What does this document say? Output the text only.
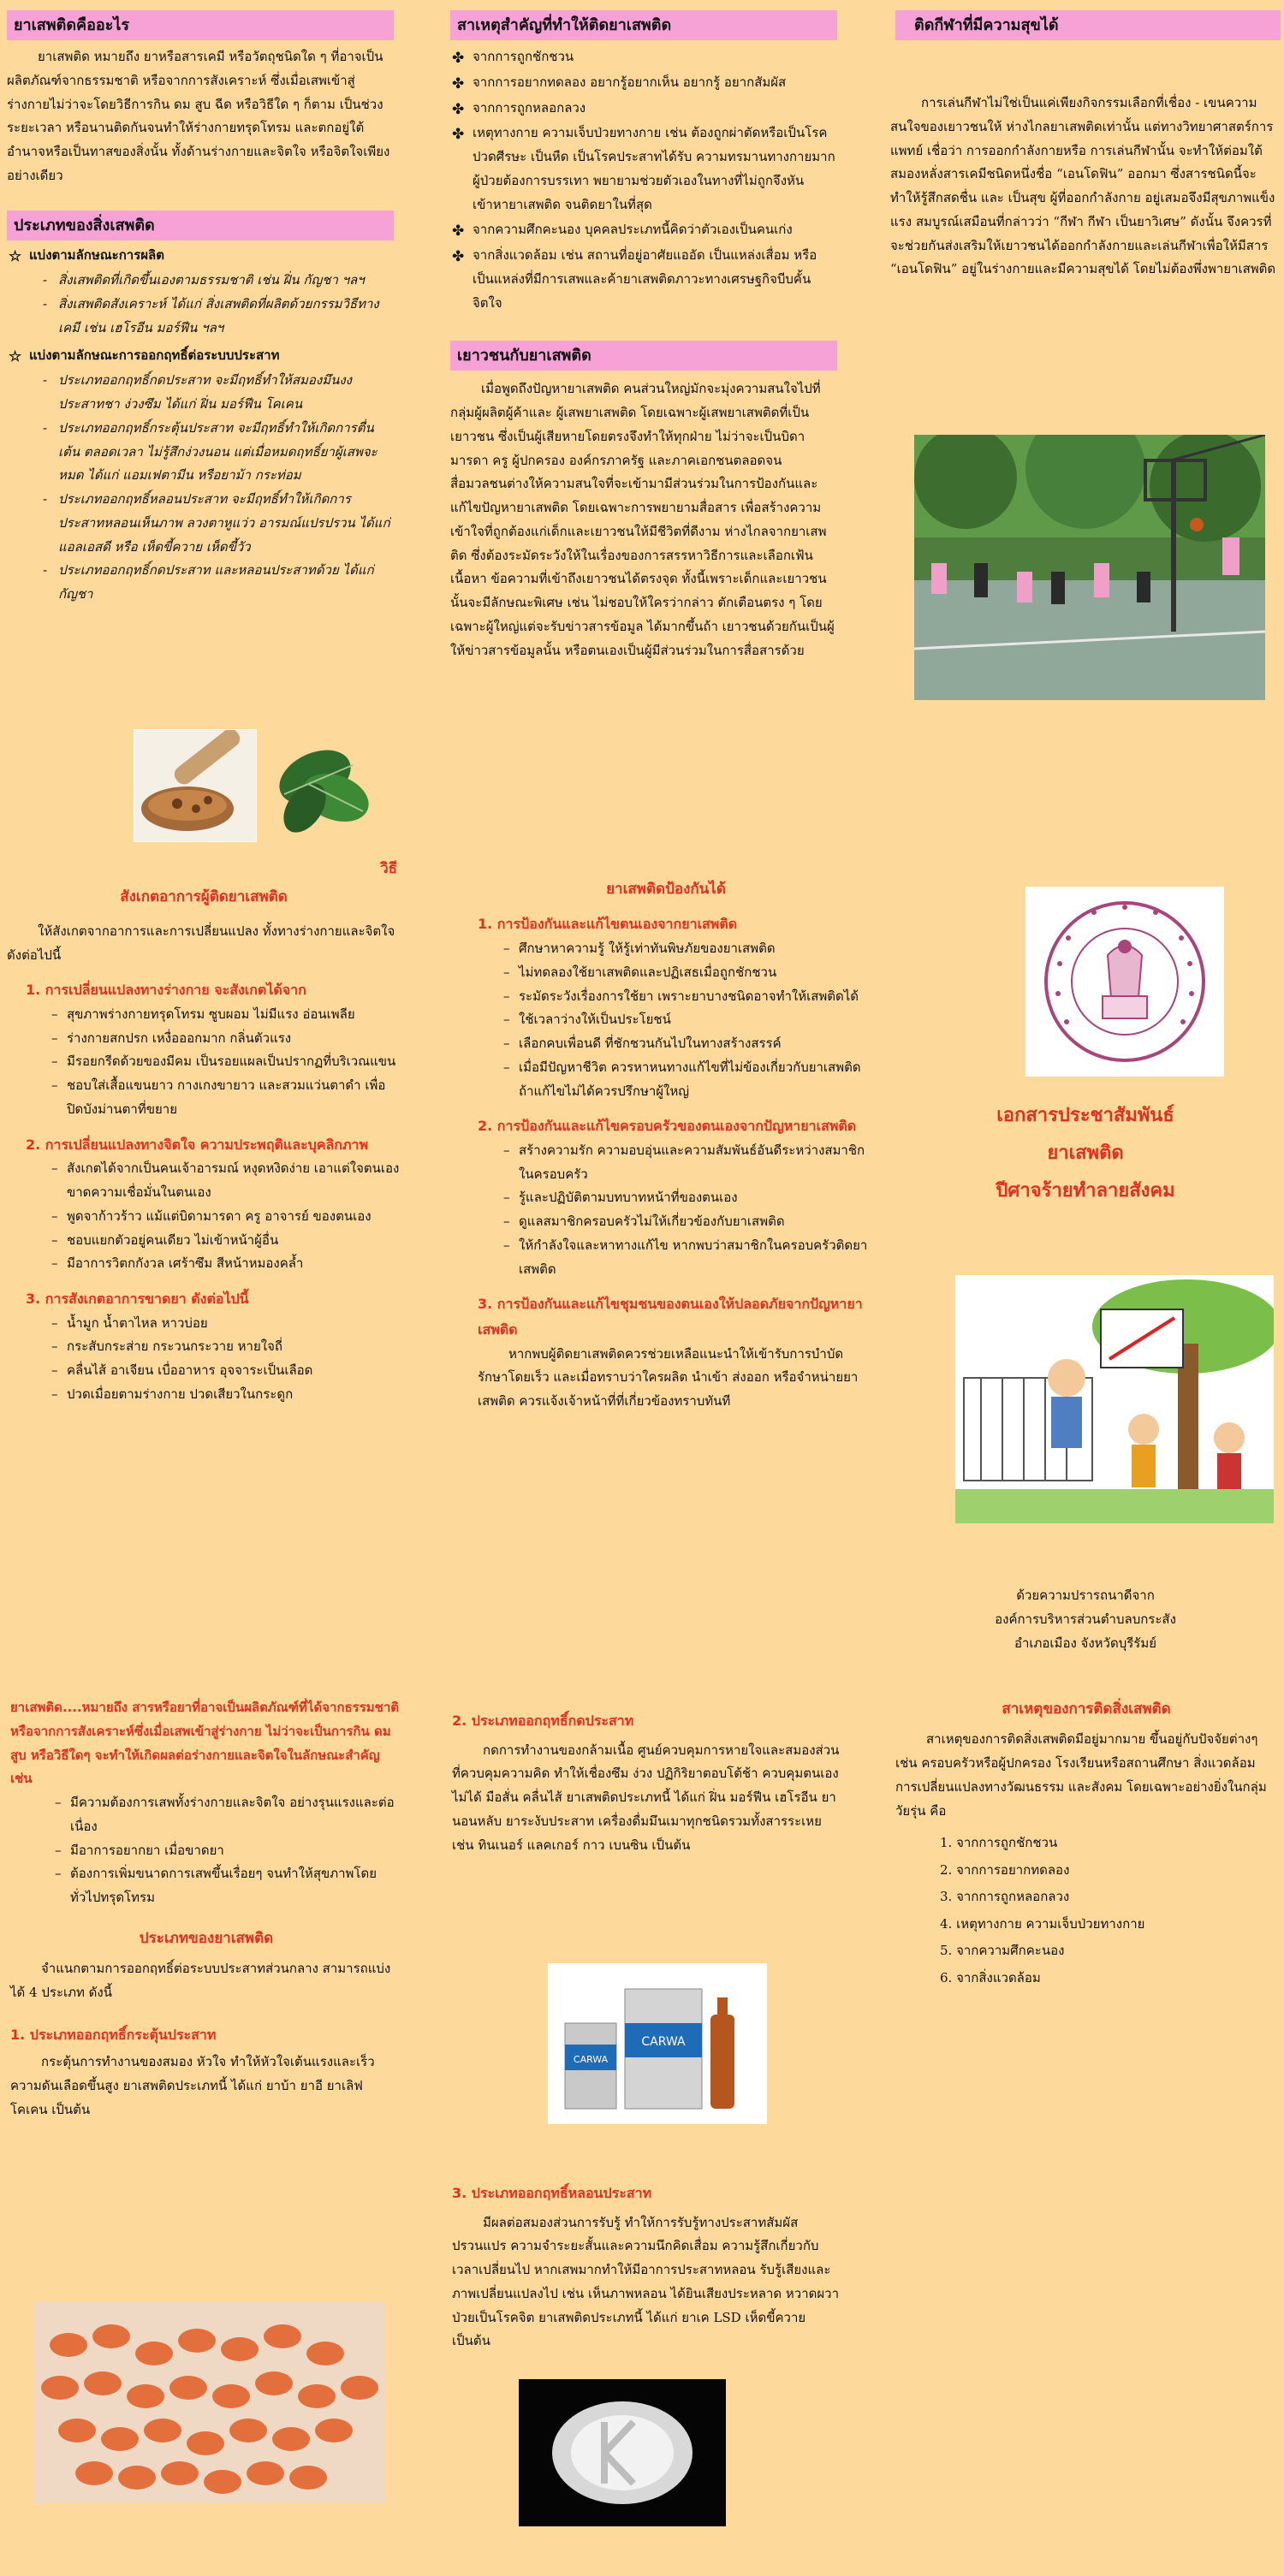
ยาเสพติดคืออะไร

ยาเสพติด หมายถึง ยาหรือสารเคมี หรือวัตถุชนิดใด ๆ ที่อาจเป็นผลิตภัณฑ์จากธรรมชาติ หรือจากการสังเคราะห์ ซึ่งเมื่อเสพเข้าสู่ร่างกายไม่ว่าจะโดยวิธีการกิน ดม สูบ ฉีด หรือวิธีใด ๆ ก็ตาม เป็นช่วงระยะเวลา หรือนานติดกันจนทำให้ร่างกายทรุดโทรม และตกอยู่ใต้อำนาจหรือเป็นทาสของสิ่งนั้น ทั้งด้านร่างกายและจิตใจ หรือจิตใจเพียงอย่างเดียว

ประเภทของสิ่งเสพติด
☆ แบ่งตามลักษณะการผลิต
- สิ่งเสพติดที่เกิดขึ้นเองตามธรรมชาติ เช่น ฝิ่น กัญชา ฯลฯ
- สิ่งเสพติดสังเคราะห์ ได้แก่ สิ่งเสพติดที่ผลิตด้วยกรรมวิธีทางเคมี เช่น เฮโรอีน มอร์ฟีน ฯลฯ
☆ แบ่งตามลักษณะการออกฤทธิ์ต่อระบบประสาท
- ประเภทออกฤทธิ์กดประสาท จะมีฤทธิ์ทำให้สมองมึนงง ประสาทชา ง่วงซึม ได้แก่ ฝิ่น มอร์ฟีน โคเคน
- ประเภทออกฤทธิ์กระตุ้นประสาท จะมีฤทธิ์ทำให้เกิดการตื่นเต้น ตลอดเวลา ไม่รู้สึกง่วงนอน แต่เมื่อหมดฤทธิ์ยาผู้เสพจะหมด ได้แก่ แอมเฟตามีน หรือยาม้า กระท่อม
- ประเภทออกฤทธิ์หลอนประสาท จะมีฤทธิ์ทำให้เกิดการประสาทหลอนเห็นภาพ ลวงตาหูแว่ว อารมณ์แปรปรวน ได้แก่ แอลเอสดี หรือ เห็ดขี้ควาย เห็ดขี้วัว
- ประเภทออกฤทธิ์กดประสาท และหลอนประสาทด้วย ได้แก่ กัญชา
สาเหตุสำคัญที่ทำให้ติดยาเสพติด
✤ จากการถูกชักชวน
✤ จากการอยากทดลอง อยากรู้อยากเห็น อยากรู้ อยากสัมผัส
✤ จากการถูกหลอกลวง
✤ เหตุทางกาย ความเจ็บป่วยทางกาย เช่น ต้องถูกผ่าตัดหรือเป็นโรคปวดศีรษะ เป็นหืด เป็นโรคประสาทได้รับ ความทรมานทางกายมากผู้ป่วยต้องการบรรเทา พยายามช่วยตัวเองในทางที่ไม่ถูกจึงหันเข้าหายาเสพติด จนติดยาในที่สุด
✤ จากความศึกคะนอง บุคคลประเภทนี้คิดว่าตัวเองเป็นคนเก่ง
✤ จากสิ่งแวดล้อม เช่น สถานที่อยู่อาศัยแออัด เป็นแหล่งเสื่อม หรือเป็นแหล่งที่มีการเสพและค้ายาเสพติดภาวะทางเศรษฐกิจบีบคั้นจิตใจ
เยาวชนกับยาเสพติด

เมื่อพูดถึงปัญหายาเสพติด คนส่วนใหญ่มักจะมุ่งความสนใจไปที่กลุ่มผู้ผลิตผู้ค้าและ ผู้เสพยาเสพติด โดยเฉพาะผู้เสพยาเสพติดที่เป็นเยาวชน ซึ่งเป็นผู้เสียหายโดยตรงจึงทำให้ทุกฝ่าย ไม่ว่าจะเป็นบิดามารดา ครู ผู้ปกครอง องค์กรภาครัฐ และภาคเอกชนตลอดจนสื่อมวลชนต่างให้ความสนใจที่จะเข้ามามีส่วนร่วมในการป้องกันและแก้ไขปัญหายาเสพติด โดยเฉพาะการพยายามสื่อสาร เพื่อสร้างความเข้าใจที่ถูกต้องแก่เด็กและเยาวชนให้มีชีวิตที่ดีงาม ห่างไกลจากยาเสพติด ซึ่งต้องระมัดระวังให้ในเรื่องของการสรรหาวิธีการและเลือกเฟ้นเนื้อหา ข้อความที่เข้าถึงเยาวชนได้ตรงจุด ทั้งนี้เพราะเด็กและเยาวชนนั้นจะมีลักษณะพิเศษ เช่น ไม่ชอบให้ใครว่ากล่าว ตักเตือนตรง ๆ โดยเฉพาะผู้ใหญ่แต่จะรับข่าวสารข้อมูล ได้มากขึ้นถ้า เยาวชนด้วยกันเป็นผู้ให้ข่าวสารข้อมูลนั้น หรือตนเองเป็นผู้มีส่วนร่วมในการสื่อสารด้วย

ติดกีฬาที่มีความสุขได้

การเล่นกีฬาไม่ใช่เป็นแค่เพียงกิจกรรมเลือกที่เชื่อง - เขนความสนใจของเยาวชนให้ ห่างไกลยาเสพติดเท่านั้น แต่ทางวิทยาศาสตร์การแพทย์ เชื่อว่า การออกกำลังกายหรือ การเล่นกีฬานั้น จะทำให้ต่อมใต้สมองหลั่งสารเคมีชนิดหนึ่งชื่อ “เอนโดฟิน” ออกมา ซึ่งสารชนิดนี้จะทำให้รู้สึกสดชื่น และ เป็นสุข ผู้ที่ออกกำลังกาย อยู่เสมอจึงมีสุขภาพแข็งแรง สมบูรณ์เสมือนที่กล่าวว่า “กีฬา กีฬา เป็นยาวิเศษ” ดังนั้น จึงควรที่จะช่วยกันส่งเสริมให้เยาวชนได้ออกกำลังกายและเล่นกีฬาเพื่อให้มีสาร “เอนโดฟิน” อยู่ในร่างกายและมีความสุขได้ โดยไม่ต้องพึ่งพายาเสพติด

วิธี
สังเกตอาการผู้ติดยาเสพติด

ให้สังเกตจากอาการและการเปลี่ยนแปลง ทั้งทางร่างกายและจิตใจ ดังต่อไปนี้

1. การเปลี่ยนแปลงทางร่างกาย จะสังเกตได้จาก
– สุขภาพร่างกายทรุดโทรม ซูบผอม ไม่มีแรง อ่อนเพลีย
– ร่างกายสกปรก เหงื่อออกมาก กลิ่นตัวแรง
– มีรอยกรีดด้วยของมีคม เป็นรอยแผลเป็นปรากฏที่บริเวณแขน
– ชอบใส่เสื้อแขนยาว กางเกงขายาว และสวมแว่นตาดำ เพื่อปิดบังม่านตาที่ขยาย
2. การเปลี่ยนแปลงทางจิตใจ ความประพฤติและบุคลิกภาพ
– สังเกตได้จากเป็นคนเจ้าอารมณ์ หงุดหงิดง่าย เอาแต่ใจตนเอง ขาดความเชื่อมั่นในตนเอง
– พูดจาก้าวร้าว แม้แต่บิดามารดา ครู อาจารย์ ของตนเอง
– ชอบแยกตัวอยู่คนเดียว ไม่เข้าหน้าผู้อื่น
– มีอาการวิตกกังวล เศร้าซึม สีหน้าหมองคล้ำ
3. การสังเกตอาการขาดยา ดังต่อไปนี้
– น้ำมูก น้ำตาไหล หาวบ่อย
– กระสับกระส่าย กระวนกระวาย หายใจถี่
– คลื่นไส้ อาเจียน เบื่ออาหาร อุจจาระเป็นเลือด
– ปวดเมื่อยตามร่างกาย ปวดเสียวในกระดูก
ยาเสพติดป้องกันได้
1. การป้องกันและแก้ไขตนเองจากยาเสพติด
– ศึกษาหาความรู้ ให้รู้เท่าทันพิษภัยของยาเสพติด
– ไม่ทดลองใช้ยาเสพติดและปฏิเสธเมื่อถูกชักชวน
– ระมัดระวังเรื่องการใช้ยา เพราะยาบางชนิดอาจทำให้เสพติดได้
– ใช้เวลาว่างให้เป็นประโยชน์
– เลือกคบเพื่อนดี ที่ชักชวนกันไปในทางสร้างสรรค์
– เมื่อมีปัญหาชีวิต ควรหาหนทางแก้ไขที่ไม่ข้องเกี่ยวกับยาเสพติด ถ้าแก้ไขไม่ได้ควรปรึกษาผู้ใหญ่
2. การป้องกันและแก้ไขครอบครัวของตนเองจากปัญหายาเสพติด
– สร้างความรัก ความอบอุ่นและความสัมพันธ์อันดีระหว่างสมาชิกในครอบครัว
– รู้และปฏิบัติตามบทบาทหน้าที่ของตนเอง
– ดูแลสมาชิกครอบครัวไม่ให้เกี่ยวข้องกับยาเสพติด
– ให้กำลังใจและหาทางแก้ไข หากพบว่าสมาชิกในครอบครัวติดยาเสพติด
3. การป้องกันและแก้ไขชุมชนของตนเองให้ปลอดภัยจากปัญหายาเสพติด

หากพบผู้ติดยาเสพติดควรช่วยเหลือแนะนำให้เข้ารับการบำบัดรักษาโดยเร็ว และเมื่อทราบว่าใครผลิต นำเข้า ส่งออก หรือจำหน่ายยาเสพติด ควรแจ้งเจ้าหน้าที่ที่เกี่ยวข้องทราบทันที

เอกสารประชาสัมพันธ์
ยาเสพติด
ปีศาจร้ายทำลายสังคม
ด้วยความปรารถนาดีจาก
องค์การบริหารส่วนตำบลบกระสัง
อำเภอเมือง จังหวัดบุรีรัมย์

ยาเสพติด....หมายถึง สารหรือยาที่อาจเป็นผลิตภัณฑ์ที่ได้จากธรรมชาติ หรือจากการสังเคราะห์ซึ่งเมื่อเสพเข้าสู่ร่างกาย ไม่ว่าจะเป็นการกิน ดม สูบ หรือวิธีใดๆ จะทำให้เกิดผลต่อร่างกายและจิตใจในลักษณะสำคัญ เช่น

– มีความต้องการเสพทั้งร่างกายและจิตใจ อย่างรุนแรงและต่อเนื่อง
– มีอาการอยากยา เมื่อขาดยา
– ต้องการเพิ่มขนาดการเสพขึ้นเรื่อยๆ จนทำให้สุขภาพโดยทั่วไปทรุดโทรม
ประเภทของยาเสพติด

จำแนกตามการออกฤทธิ์ต่อระบบประสาทส่วนกลาง สามารถแบ่งได้ 4 ประเภท ดังนี้

1. ประเภทออกฤทธิ์กระตุ้นประสาท

กระตุ้นการทำงานของสมอง หัวใจ ทำให้หัวใจเต้นแรงและเร็ว ความดันเลือดขึ้นสูง ยาเสพติดประเภทนี้ ได้แก่ ยาบ้า ยาอี ยาเลิฟ โคเคน เป็นต้น

2. ประเภทออกฤทธิ์กดประสาท

กดการทำงานของกล้ามเนื้อ ศูนย์ควบคุมการหายใจและสมองส่วนที่ควบคุมความคิด ทำให้เชื่องซึม ง่วง ปฏิกิริยาตอบโต้ช้า ควบคุมตนเองไม่ได้ มือสั่น คลื่นไส้ ยาเสพติดประเภทนี้ ได้แก่ ฝิ่น มอร์ฟีน เฮโรอีน ยานอนหลับ ยาระงับประสาท เครื่องดื่มมึนเมาทุกชนิดรวมทั้งสารระเหย เช่น ทินเนอร์ แลคเกอร์ กาว เบนซิน เป็นต้น

CARWA
CARWA
3. ประเภทออกฤทธิ์หลอนประสาท

มีผลต่อสมองส่วนการรับรู้ ทำให้การรับรู้ทางประสาทสัมผัสปรวนแปร ความจำระยะสั้นและความนึกคิดเสื่อม ความรู้สึกเกี่ยวกับเวลาเปลี่ยนไป หากเสพมากทำให้มีอาการประสาทหลอน รับรู้เสียงและภาพเปลี่ยนแปลงไป เช่น เห็นภาพหลอน ได้ยินเสียงประหลาด หวาดผวา ป่วยเป็นโรคจิต ยาเสพติดประเภทนี้ ได้แก่ ยาเค LSD เห็ดขี้ควาย เป็นต้น

สาเหตุของการติดสิ่งเสพติด

สาเหตุของการติดสิ่งเสพติดมีอยู่มากมาย ขึ้นอยู่กับปัจจัยต่างๆ เช่น ครอบครัวหรือผู้ปกครอง โรงเรียนหรือสถานศึกษา สิ่งแวดล้อม การเปลี่ยนแปลงทางวัฒนธรรม และสังคม โดยเฉพาะอย่างยิ่งในกลุ่มวัยรุ่น คือ

1. จากการถูกชักชวน
2. จากการอยากทดลอง
3. จากการถูกหลอกลวง
4. เหตุทางกาย ความเจ็บป่วยทางกาย
5. จากความศึกคะนอง
6. จากสิ่งแวดล้อม
